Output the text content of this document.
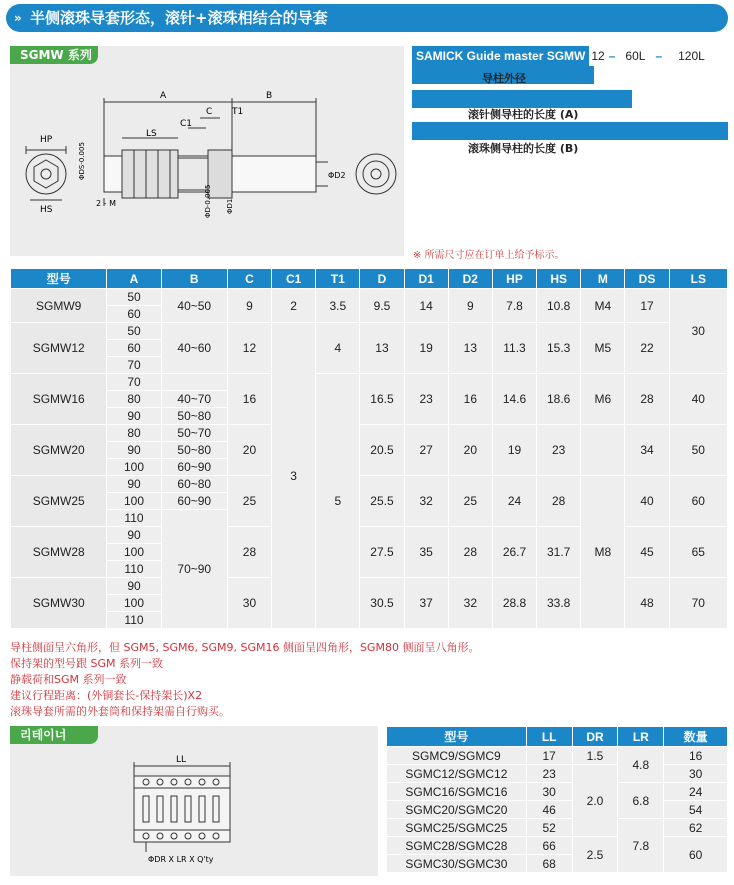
» 半侧滚珠导套形态，滚针+滚珠相结合的导套
HP
HS
A	B
C T1
C1
LS
ΦD2
2 - M
ΦDS-0.005
ΦD-0.005 ΦD1
SGMW 系列	SAMICK Guide master SGMW 12 – 60L –	120L
导柱外径
滚针侧导柱的长度 (A)
滚珠侧导柱的长度 (B)
※ 所需尺寸应在订单上给予标示。
型号	A	B	C	C1	T1	D	D1	D2	HP	HS	M	DS	LS
SGMW9	50	40~50	9	2	3.5	9.5	14	9	7.8	10.8	M4	17	30
	60												
SGMW12	50	40~60	12	3	4	13	19	13	11.3	15.3	M5	22	
	60												
	70												
SGMW16	70		16		5	16.5	23	16	14.6	18.6	M6	28	40
	80	40~70											
	90	50~80											
SGMW20	80	50~70	20			20.5	27	20	19	23		34	50
	90	50~80											
	100	60~90											
SGMW25	90	60~80	25			25.5	32	25	24	28	M8	40	60
	100	60~90											
	110	70~90											
SGMW28	90		28			27.5	35	28	26.7	31.7		45	65
	100												
	110												
SGMW30	90		30			30.5	37	32	28.8	33.8		48	70
	100												
	110												
导柱侧面呈六角形，但 SGM5, SGM6, SGM9, SGM16 侧面呈四角形，SGM80 侧面呈八角形。
保持架的型号跟 SGM 系列一致
静载荷和SGM 系列一致
建议行程距离：(外铜套长-保持架长)X2
滚珠导套所需的外套筒和保持架需自行购买。
LL
ΦDR X LR X Q'ty
리테이너	型号	LL	DR	LR	数量
SGMC9/SGMC9	17	1.5	4.8	16
SGMC12/SGMC12	23	2.0		30
SGMC16/SGMC16	30		6.8	24
SGMC20/SGMC20	46			54
SGMC25/SGMC25	52		7.8	62
SGMC28/SGMC28	66	2.5		60
SGMC30/SGMC30	68			
